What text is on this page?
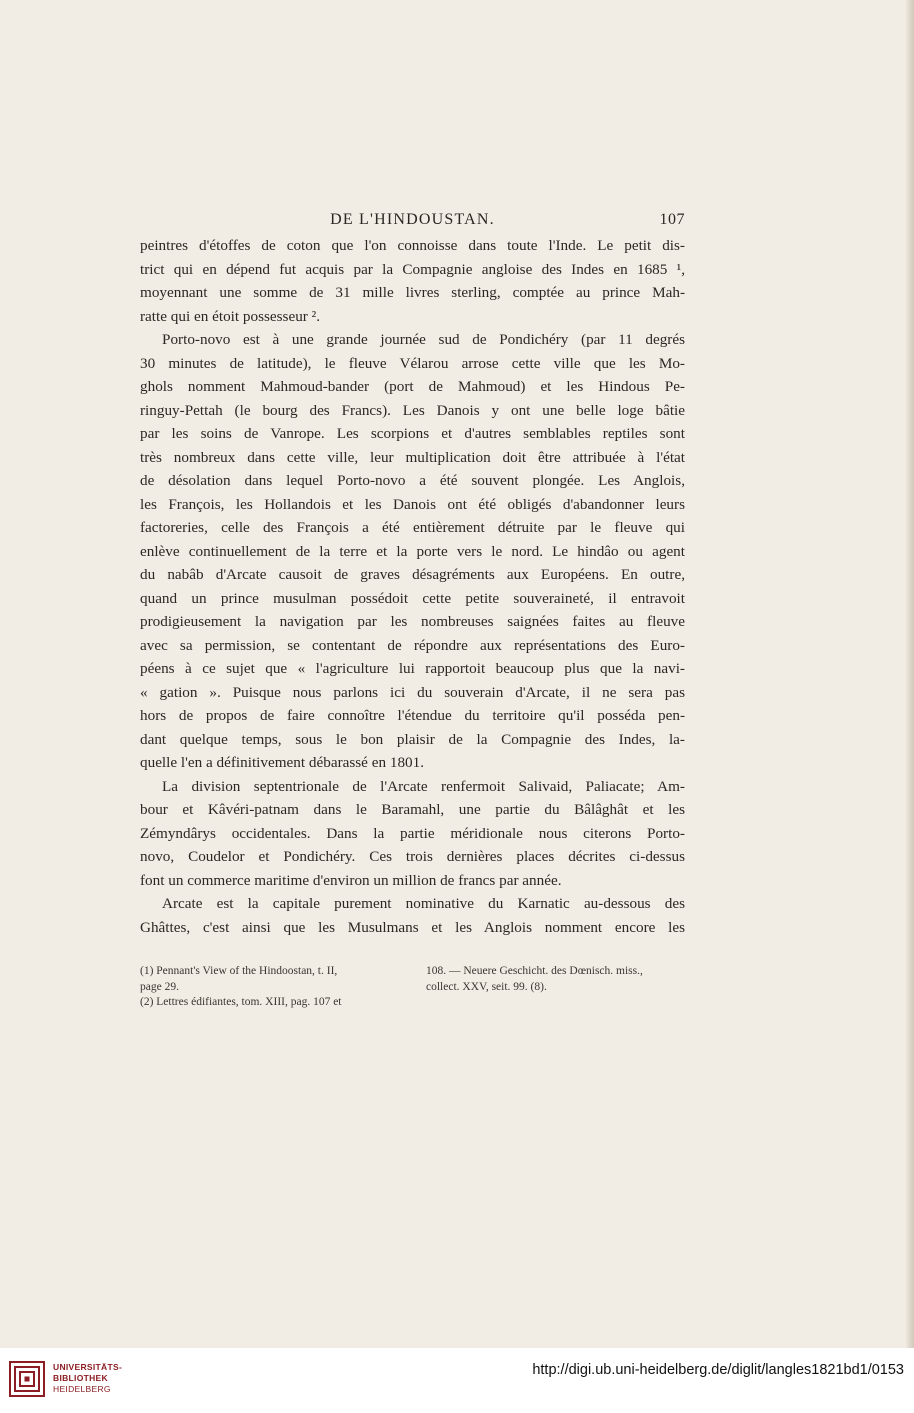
DE L'HINDOUSTAN.	107
peintres d'étoffes de coton que l'on connoisse dans toute l'Inde. Le petit dis-
trict qui en dépend fut acquis par la Compagnie angloise des Indes en 1685 ¹,
moyennant une somme de 31 mille livres sterling, comptée au prince Mah-
ratte qui en étoit possesseur ².
Porto-novo est à une grande journée sud de Pondichéry (par 11 degrés
30 minutes de latitude), le fleuve Vélarou arrose cette ville que les Mo-
ghols nomment Mahmoud-bander (port de Mahmoud) et les Hindous Pe-
ringuy-Pettah (le bourg des Francs). Les Danois y ont une belle loge bâtie
par les soins de Vanrope. Les scorpions et d'autres semblables reptiles sont
très nombreux dans cette ville, leur multiplication doit être attribuée à l'état
de désolation dans lequel Porto-novo a été souvent plongée. Les Anglois,
les François, les Hollandois et les Danois ont été obligés d'abandonner leurs
factoreries, celle des François a été entièrement détruite par le fleuve qui
enlève continuellement de la terre et la porte vers le nord. Le hindâo ou agent
du nabâb d'Arcate causoit de graves désagréments aux Européens. En outre,
quand un prince musulman possédoit cette petite souveraineté, il entravoit
prodigieusement la navigation par les nombreuses saignées faites au fleuve
avec sa permission, se contentant de répondre aux représentations des Euro-
péens à ce sujet que « l'agriculture lui rapportoit beaucoup plus que la navi-
« gation ». Puisque nous parlons ici du souverain d'Arcate, il ne sera pas
hors de propos de faire connoître l'étendue du territoire qu'il posséda pen-
dant quelque temps, sous le bon plaisir de la Compagnie des Indes, la-
quelle l'en a définitivement débarassé en 1801.
La division septentrionale de l'Arcate renfermoit Salivaid, Paliacate; Am-
bour et Kâvéri-patnam dans le Baramahl, une partie du Bâlâghât et les
Zémyndârys occidentales. Dans la partie méridionale nous citerons Porto-
novo, Coudelor et Pondichéry. Ces trois dernières places décrites ci-dessus
font un commerce maritime d'environ un million de francs par année.
Arcate est la capitale purement nominative du Karnatic au-dessous des
Ghâttes, c'est ainsi que les Musulmans et les Anglois nomment encore les
(1) Pennant's View of the Hindoostan, t. II,
page 29.
(2) Lettres édifiantes, tom. XIII, pag. 107 et
108. — Neuere Geschicht. des Dœnisch. miss.,
collect. XXV, seit. 99. (8).
UNIVERSITÄTS-
BIBLIOTHEK
HEIDELBERG
http://digi.ub.uni-heidelberg.de/diglit/langles1821bd1/0153
